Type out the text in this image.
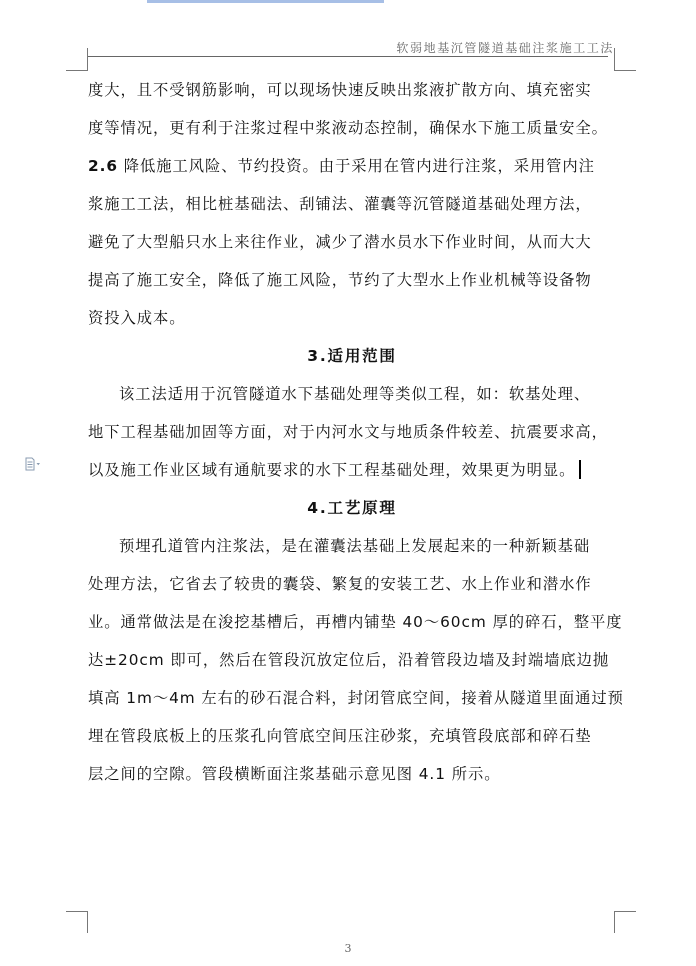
软弱地基沉管隧道基础注浆施工工法

度大，且不受钢筋影响，可以现场快速反映出浆液扩散方向、填充密实

度等情况，更有利于注浆过程中浆液动态控制，确保水下施工质量安全。

2.6 降低施工风险、节约投资。由于采用在管内进行注浆，采用管内注

浆施工工法，相比桩基础法、刮铺法、灌囊等沉管隧道基础处理方法，

避免了大型船只水上来往作业，减少了潜水员水下作业时间，从而大大

提高了施工安全，降低了施工风险，节约了大型水上作业机械等设备物

资投入成本。

3.适用范围

该工法适用于沉管隧道水下基础处理等类似工程，如：软基处理、

地下工程基础加固等方面，对于内河水文与地质条件较差、抗震要求高，

以及施工作业区域有通航要求的水下工程基础处理，效果更为明显。

4.工艺原理

预埋孔道管内注浆法，是在灌囊法基础上发展起来的一种新颖基础

处理方法，它省去了较贵的囊袋、繁复的安装工艺、水上作业和潜水作

业。通常做法是在浚挖基槽后，再槽内铺垫 40～60cm 厚的碎石，整平度

达±20cm 即可，然后在管段沉放定位后，沿着管段边墙及封端墙底边抛

填高 1m～4m 左右的砂石混合料，封闭管底空间，接着从隧道里面通过预

埋在管段底板上的压浆孔向管底空间压注砂浆，充填管段底部和碎石垫

层之间的空隙。管段横断面注浆基础示意见图 4.1 所示。

3
